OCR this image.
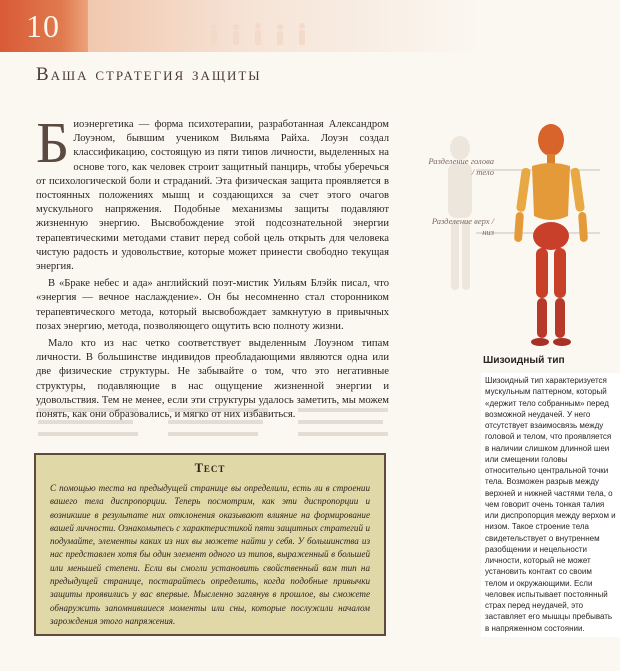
10
Ваша стратегия защиты

Биоэнергетика — форма психотерапии, разработанная Александром Лоуэном, бывшим учеником Вильяма Райха. Лоуэн создал классификацию, состоящую из пяти типов личности, выделенных на основе того, как человек строит защитный панцирь, чтобы уберечься от психологической боли и страданий. Эта физическая защита проявляется в постоянных положениях мышц и создающихся за счет этого очагов мускульного напряжения. Подобные механизмы защиты подавляют жизненную энергию. Высвобождение этой подсознательной энергии терапевтическими методами ставит перед собой цель открыть для человека чистую радость и удовольствие, которые может принести свободно текущая энергия.

В «Браке небес и ада» английский поэт-мистик Уильям Блэйк писал, что «энергия — вечное наслаждение». Он бы несомненно стал сторонником терапевтического метода, который высвобождает замкнутую в привычных позах энергию, метода, позволяющего ощутить всю полноту жизни.

Мало кто из нас четко соответствует выделенным Лоуэном типам личности. В большинстве индивидов преобладающими являются одна или две физические структуры. Не забывайте о том, что это негативные структуры, подавляющие в нас ощущение жизненной энергии и удовольствия. Тем не менее, если эти структуры удалось заметить, мы можем понять, как они образовались, и мягко от них избавиться.

Разделение голова / тело
Разделение верх / низ
Шизоидный тип
Шизоидный тип характеризуется мускульным паттерном, который «держит тело собранным» перед возможной неудачей. У него отсутствует взаимосвязь между головой и телом, что проявляется в наличии слишком длинной шеи или смещении головы относительно центральной точки тела. Возможен разрыв между верхней и нижней частями тела, о чем говорит очень тонкая талия или диспропорция между верхом и низом. Такое строение тела свидетельствует о внутреннем разобщении и нецельности личности, который не может установить контакт со своим телом и окружающими. Если человек испытывает постоянный страх перед неудачей, это заставляет его мышцы пребывать в напряженном состоянии.
Тест
С помощью теста на предыдущей странице вы определили, есть ли в строении вашего тела диспропорции. Теперь посмотрим, как эти диспропорции и возникшие в результате них отклонения оказывают влияние на формирование вашей личности. Ознакомьтесь с характеристикой пяти защитных стратегий и подумайте, элементы каких из них вы можете найти у себя. У большинства из нас представлен хотя бы один элемент одного из типов, выраженный в большей или меньшей степени. Если вы смогли установить свойственный вам тип на предыдущей странице, постарайтесь определить, когда подобные привычки защиты проявились у вас впервые. Мысленно заглянув в прошлое, вы сможете обнаружить запомнившиеся моменты или сны, которые послужили началом зарождения этого напряжения.
